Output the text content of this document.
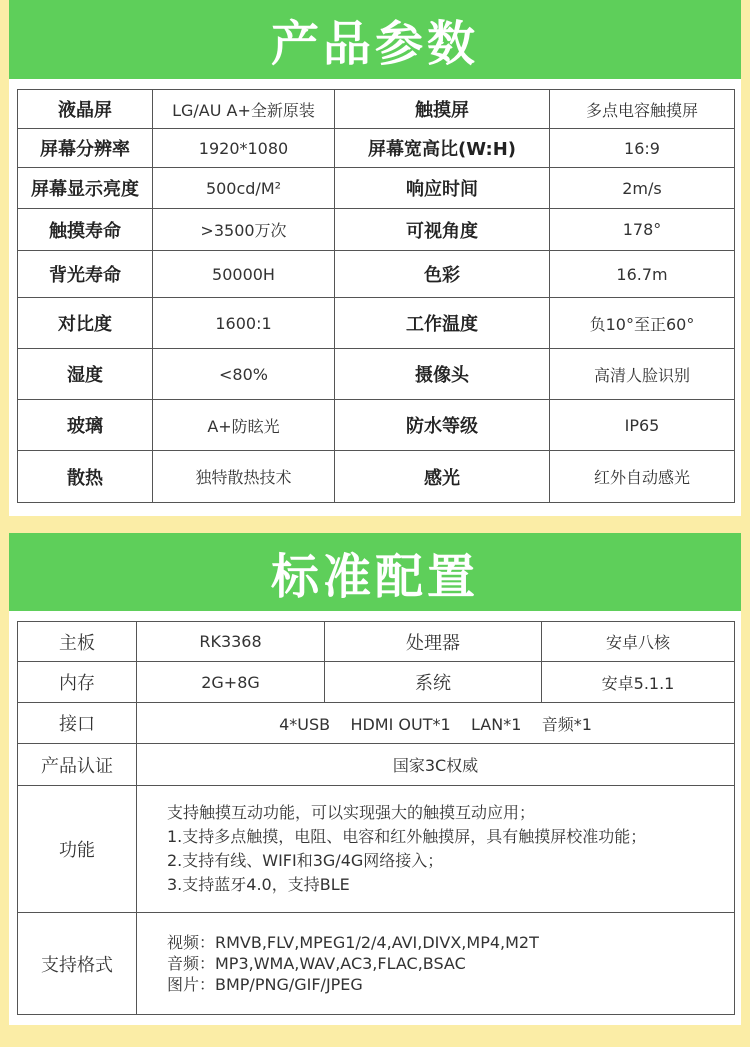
产品参数
液晶屏	LG/AU A+全新原装	触摸屏	多点电容触摸屏
屏幕分辨率	1920*1080	屏幕宽高比(W:H)	16:9
屏幕显示亮度	500cd/M²	响应时间	2m/s
触摸寿命	>3500万次	可视角度	178°
背光寿命	50000H	色彩	16.7m
对比度	1600:1	工作温度	负10°至正60°
湿度	<80%	摄像头	高清人脸识别
玻璃	A+防眩光	防水等级	IP65
散热	独特散热技术	感光	红外自动感光
标准配置
主板	RK3368	处理器	安卓八核
内存	2G+8G	系统	安卓5.1.1
接口	4*USB    HDMI OUT*1    LAN*1    音频*1		
产品认证	国家3C权威		
功能	支持触摸互动功能，可以实现强大的触摸互动应用；
1.支持多点触摸，电阻、电容和红外触摸屏，具有触摸屏校准功能；
2.支持有线、WIFI和3G/4G网络接入；
3.支持蓝牙4.0，支持BLE		

支持格式	视频：RMVB,FLV,MPEG1/2/4,AVI,DIVX,MP4,M2T
音频：MP3,WMA,WAV,AC3,FLAC,BSAC
图片：BMP/PNG/GIF/JPEG		
